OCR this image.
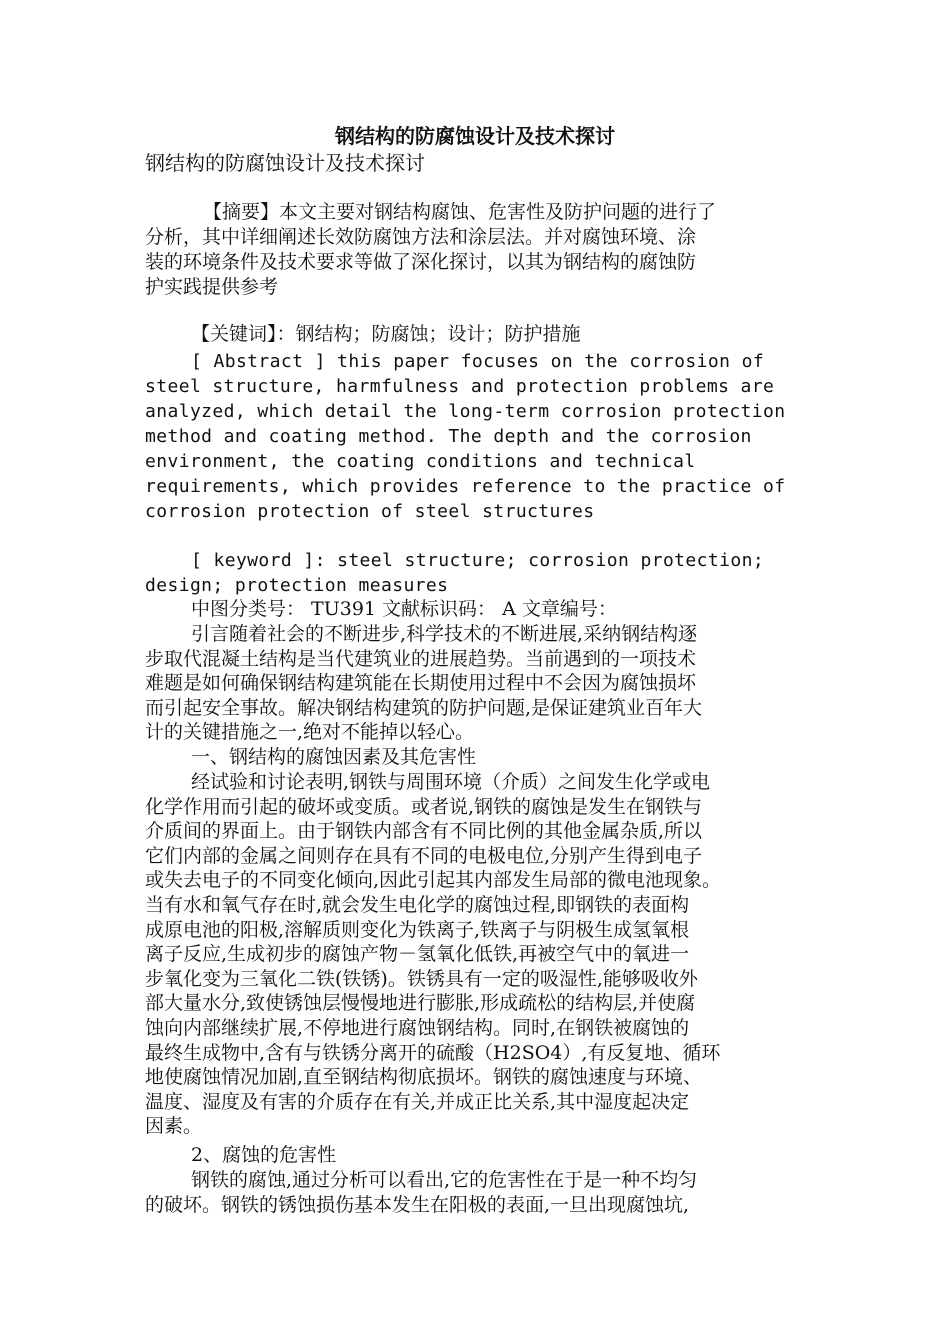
钢结构的防腐蚀设计及技术探讨
钢结构的防腐蚀设计及技术探讨
【摘要】本文主要对钢结构腐蚀、危害性及防护问题的进行了
分析，其中详细阐述长效防腐蚀方法和涂层法。并对腐蚀环境、涂
装的环境条件及技术要求等做了深化探讨，以其为钢结构的腐蚀防
护实践提供参考
【关键词】：钢结构；防腐蚀；设计；防护措施
[ Abstract ] this paper focuses on the corrosion of
steel structure, harmfulness and protection problems are
analyzed, which detail the long-term corrosion protection
method and coating method. The depth and the corrosion
environment, the coating conditions and technical
requirements, which provides reference to the practice of
corrosion protection of steel structures
[ keyword ]: steel structure; corrosion protection;
design; protection measures
中图分类号： TU391 文献标识码： A 文章编号：
引言随着社会的不断进步,科学技术的不断进展,采纳钢结构逐
步取代混凝土结构是当代建筑业的进展趋势。当前遇到的一项技术
难题是如何确保钢结构建筑能在长期使用过程中不会因为腐蚀损坏
而引起安全事故。解决钢结构建筑的防护问题,是保证建筑业百年大
计的关键措施之一,绝对不能掉以轻心。
一、钢结构的腐蚀因素及其危害性
经试验和讨论表明,钢铁与周围环境（介质）之间发生化学或电
化学作用而引起的破坏或变质。或者说,钢铁的腐蚀是发生在钢铁与
介质间的界面上。由于钢铁内部含有不同比例的其他金属杂质,所以
它们内部的金属之间则存在具有不同的电极电位,分别产生得到电子
或失去电子的不同变化倾向,因此引起其内部发生局部的微电池现象。
当有水和氧气存在时,就会发生电化学的腐蚀过程,即钢铁的表面构
成原电池的阳极,溶解质则变化为铁离子,铁离子与阴极生成氢氧根
离子反应,生成初步的腐蚀产物－氢氧化低铁,再被空气中的氧进一
步氧化变为三氧化二铁(铁锈)。铁锈具有一定的吸湿性,能够吸收外
部大量水分,致使锈蚀层慢慢地进行膨胀,形成疏松的结构层,并使腐
蚀向内部继续扩展,不停地进行腐蚀钢结构。同时,在钢铁被腐蚀的
最终生成物中,含有与铁锈分离开的硫酸（H2SO4）,有反复地、循环
地使腐蚀情况加剧,直至钢结构彻底损坏。钢铁的腐蚀速度与环境、
温度、湿度及有害的介质存在有关,并成正比关系,其中湿度起决定
因素。
2、腐蚀的危害性
钢铁的腐蚀,通过分析可以看出,它的危害性在于是一种不均匀
的破坏。钢铁的锈蚀损伤基本发生在阳极的表面,一旦出现腐蚀坑,
